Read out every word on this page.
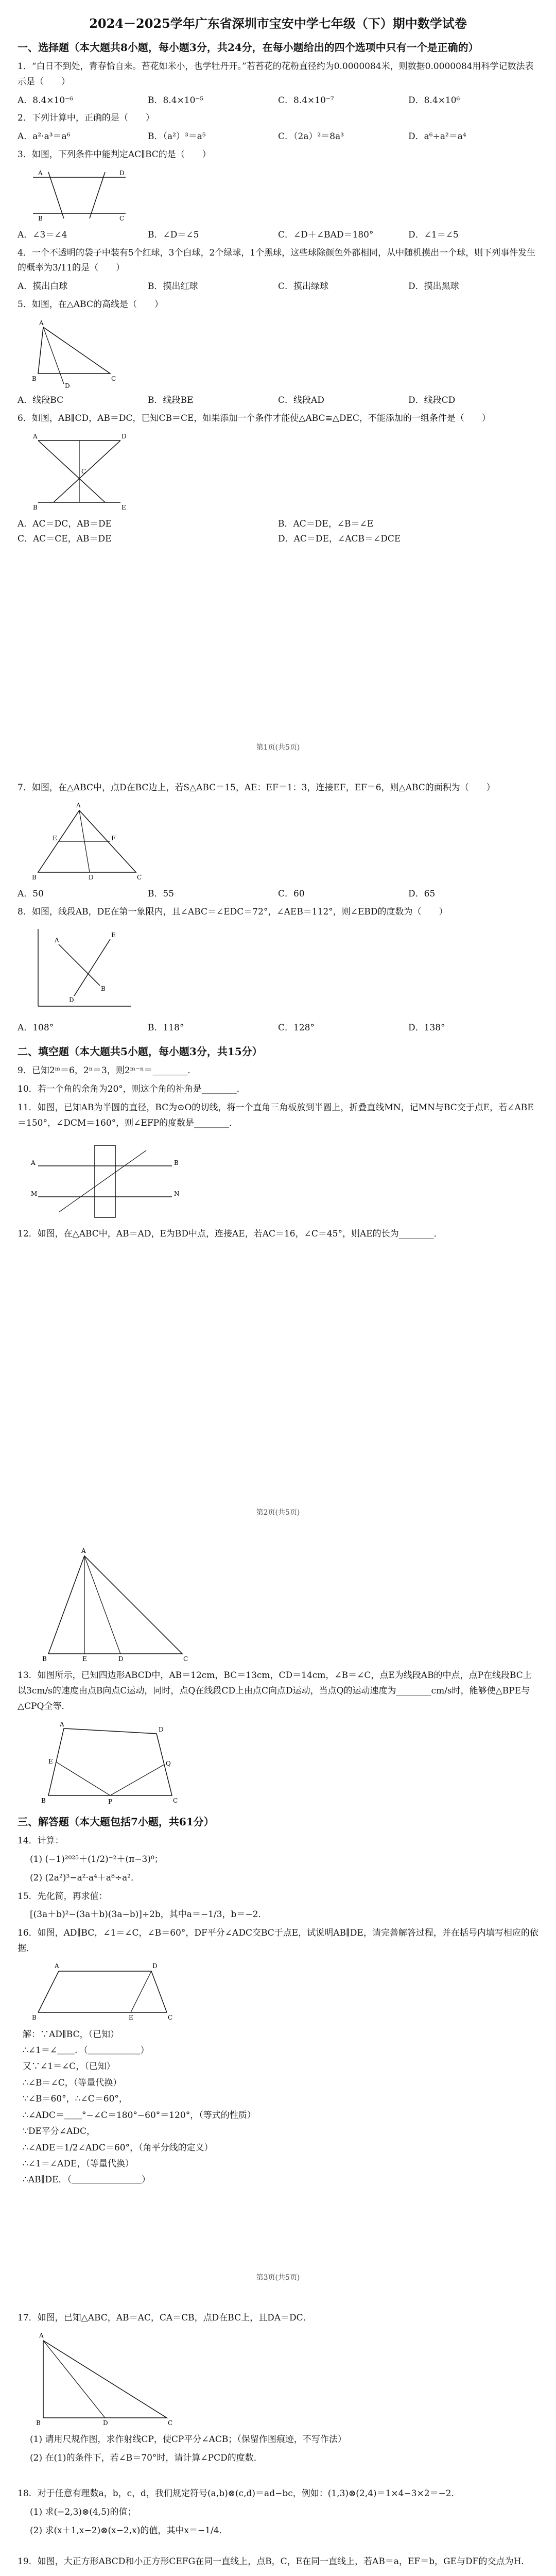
2024－2025学年广东省深圳市宝安中学七年级（下）期中数学试卷
一、选择题（本大题共8小题，每小题3分，共24分，在每小题给出的四个选项中只有一个是正确的）
1．“白日不到处，青春恰自来。苔花如米小，也学牡丹开。”若苔花的花粉直径约为0.0000084米，则数据0.0000084用科学记数法表示是（　　）
A．8.4×10⁻⁶	B．8.4×10⁻⁵	C．8.4×10⁻⁷	D．8.4×10⁶
2．下列计算中，正确的是（　　）
A．a²·a³＝a⁶	B．（a²）³＝a⁵	C．（2a）²＝8a³	D．a⁶÷a²＝a⁴
3．如图，下列条件中能判定AC∥BC的是（　　）
A	D
B	C
A．∠3＝∠4	B．∠D＝∠5	C．∠D＋∠BAD＝180°	D．∠1＝∠5
4．一个不透明的袋子中装有5个红球，3个白球，2个绿球，1个黑球，这些球除颜色外都相同，从中随机摸出一个球，则下列事件发生的概率为3/11的是（　　）
A．摸出白球	B．摸出红球	C．摸出绿球	D．摸出黑球
5．如图，在△ABC的高线是（　　）
A
B	C
D
A．线段BC	B．线段BE	C．线段AD	D．线段CD
6．如图，AB∥CD，AB＝DC，已知CB＝CE，如果添加一个条件才能使△ABC≌△DEC，不能添加的一组条件是（　　）
A	D
B	E
C
A．AC＝DC，AB＝DE	B．AC＝DE，∠B＝∠E
C．AC＝CE，AB＝DE	D．AC＝DE，∠ACB＝∠DCE
第1页(共5页)
7．如图，在△ABC中，点D在BC边上，若S△ABC＝15，AE：EF＝1：3，连接EF，EF＝6，则△ABC的面积为（　　）
A
B	C
D
E	F
A．50	B．55	C．60	D．65
8．如图，线段AB，DE在第一象限内，且∠ABC＝∠EDC＝72°，∠AEB＝112°，则∠EBD的度数为（　　）
A
B
E
D
A．108°	B．118°	C．128°	D．138°
二、填空题（本大题共5小题，每小题3分，共15分）
9．已知2ᵐ＝6，2ⁿ＝3，则2ᵐ⁻ⁿ＝________．
10．若一个角的余角为20°，则这个角的补角是________．
11．如图，已知AB为半圆的直径，BC为⊙O的切线，将一个直角三角板放到半圆上，折叠直线MN，记MN与BC交于点E，若∠ABE＝150°，∠DCM＝160°，则∠EFP的度数是________．
A	B
M	N
12．如图，在△ABC中，AB＝AD，E为BD中点，连接AE，若AC＝16，∠C＝45°，则AE的长为________．
第2页(共5页)
A
B	C
D
E
13．如图所示，已知四边形ABCD中，AB＝12cm，BC＝13cm，CD＝14cm，∠B＝∠C，点E为线段AB的中点，点P在线段BC上以3cm/s的速度由点B向点C运动，同时，点Q在线段CD上由点C向点D运动，当点Q的运动速度为________cm/s时，能够使△BPE与△CPQ全等．
A
B	C
D
E
P
Q
三、解答题（本大题包括7小题，共61分）
14．计算：
(1) (−1)²⁰²⁵＋(1/2)⁻²＋(π−3)⁰；
(2) (2a²)³−a²·a⁴＋a⁸÷a²．
15．先化简，再求值：
[(3a＋b)²−(3a＋b)(3a−b)]÷2b，其中a＝−1/3，b＝−2．
16．如图，AD∥BC，∠1＝∠C，∠B＝60°，DF平分∠ADC交BC于点E，试说明AB∥DE，请完善解答过程，并在括号内填写相应的依据．
A	D
B	E	C
解：∵AD∥BC，（已知）
∴∠1＝∠＿＿．（＿＿＿＿＿＿）
又∵∠1＝∠C，（已知）
∴∠B＝∠C，（等量代换）
∵∠B＝60°，∴∠C＝60°，
∴∠ADC＝＿＿°−∠C＝180°−60°＝120°，（等式的性质）
∵DE平分∠ADC，
∴∠ADE＝1/2∠ADC＝60°，（角平分线的定义）
∴∠1＝∠ADE，（等量代换）
∴AB∥DE．（＿＿＿＿＿＿＿＿）
第3页(共5页)
17．如图，已知△ABC，AB＝AC，CA＝CB，点D在BC上，且DA＝DC．
A
B	C
D
(1) 请用尺规作图，求作射线CP，使CP平分∠ACB；（保留作图痕迹，不写作法）
(2) 在(1)的条件下，若∠B＝70°时，请计算∠PCD的度数．
18．对于任意有理数a，b，c，d，我们规定符号(a,b)⊗(c,d)＝ad−bc，例如：(1,3)⊗(2,4)＝1×4−3×2＝−2．
(1) 求(−2,3)⊗(4,5)的值；
(2) 求(x＋1,x−2)⊗(x−2,x)的值，其中x＝−1/4．
19．如图，大正方形ABCD和小正方形CEFG在同一直线上，点B，C，E在同一直线上，若AB＝a，EF＝b，GE与DF的交点为H．
